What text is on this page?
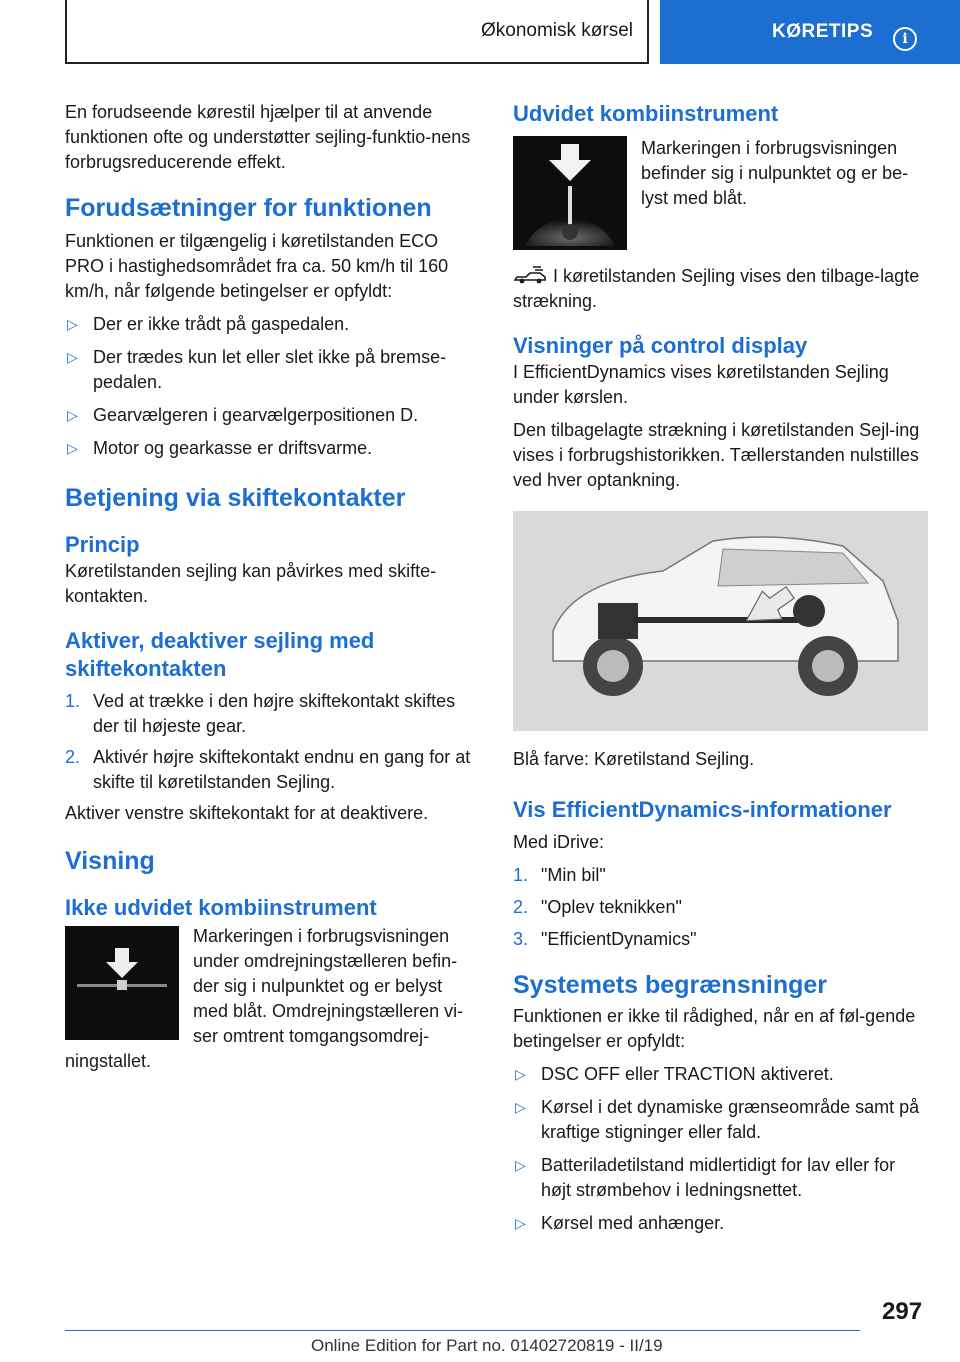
Økonomisk kørsel	KØRETIPS	i

En forudseende kørestil hjælper til at anvende funktionen ofte og understøtter sejling-funktio-nens forbrugsreducerende effekt.

Forudsætninger for funktionen

Funktionen er tilgængelig i køretilstanden ECO PRO i hastighedsområdet fra ca. 50 km/h til 160 km/h, når følgende betingelser er opfyldt:

▷ Der er ikke trådt på gaspedalen.
▷ Der trædes kun let eller slet ikke på bremse-pedalen.
▷ Gearvælgeren i gearvælgerpositionen D.
▷ Motor og gearkasse er driftsvarme.
Betjening via skiftekontakter
Princip

Køretilstanden sejling kan påvirkes med skifte-kontakten.

Aktiver, deaktiver sejling med skiftekontakten
1. Ved at trække i den højre skiftekontakt skiftes der til højeste gear.
2. Aktivér højre skiftekontakt endnu en gang for at skifte til køretilstanden Sejling.

Aktiver venstre skiftekontakt for at deaktivere.

Visning
Ikke udvidet kombiinstrument

Markeringen i forbrugsvisningen under omdrejningstælleren befin-der sig i nulpunktet og er belyst med blåt. Omdrejningstælleren vi-ser omtrent tomgangsomdrej-ningstallet.

Udvidet kombiinstrument

Markeringen i forbrugsvisningen befinder sig i nulpunktet og er be-lyst med blåt.

I køretilstanden Sejling vises den tilbage-lagte strækning.

Visninger på control display

I EfficientDynamics vises køretilstanden Sejling under kørslen.

Den tilbagelagte strækning i køretilstanden Sejl-ing vises i forbrugshistorikken. Tællerstanden nulstilles ved hver optankning.

Blå farve: Køretilstand Sejling.

Vis EfficientDynamics-informationer

Med iDrive:

1. "Min bil"
2. "Oplev teknikken"
3. "EfficientDynamics"
Systemets begrænsninger

Funktionen er ikke til rådighed, når en af føl-gende betingelser er opfyldt:

▷ DSC OFF eller TRACTION aktiveret.
▷ Kørsel i det dynamiske grænseområde samt på kraftige stigninger eller fald.
▷ Batteriladetilstand midlertidigt for lav eller for højt strømbehov i ledningsnettet.
▷ Kørsel med anhænger.
297
Online Edition for Part no. 01402720819 - II/19
